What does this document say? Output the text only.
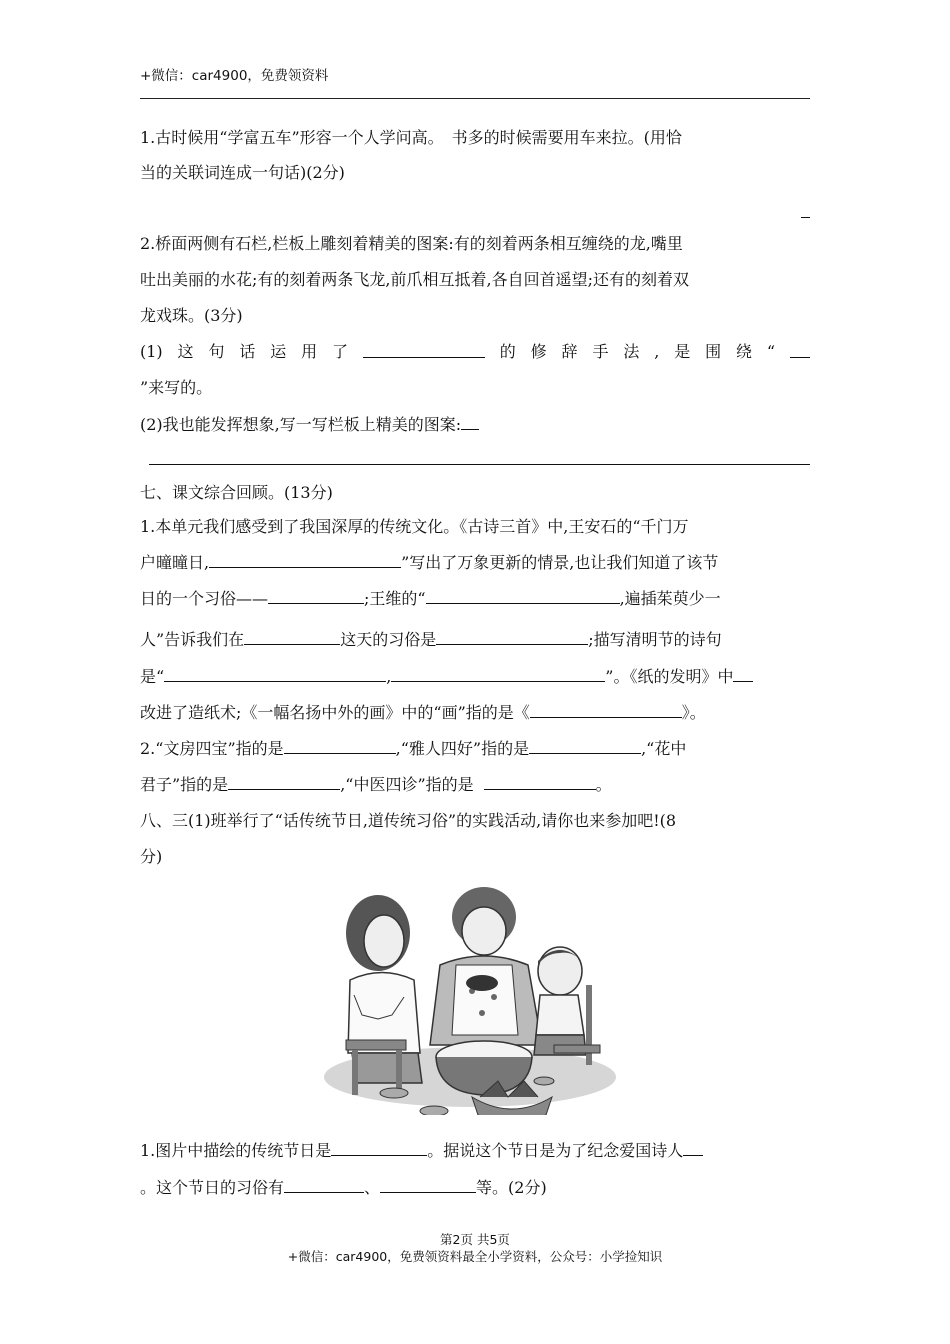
+微信：car4900，免费领资料
1.古时候用“学富五车”形容一个人学问高。　书多的时候需要用车来拉。(用恰
当的关联词连成一句话)(2分)
2.桥面两侧有石栏,栏板上雕刻着精美的图案:有的刻着两条相互缠绕的龙,嘴里
吐出美丽的水花;有的刻着两条飞龙,前爪相互抵着,各自回首遥望;还有的刻着双
龙戏珠。(3分)
(1) 这 句 话 运 用 了	的 修 辞 手 法 , 是 围 绕 “
”来写的。
(2)我也能发挥想象,写一写栏板上精美的图案:
七、课文综合回顾。(13分)
1.本单元我们感受到了我国深厚的传统文化。《古诗三首》中,王安石的“千门万
户曈曈日,	”写出了万象更新的情景,也让我们知道了该节
日的一个习俗——	;王维的“	,遍插茱萸少一
人”告诉我们在	这天的习俗是	;描写清明节的诗句
是“	,	”。《纸的发明》中
改进了造纸术;《一幅名扬中外的画》中的“画”指的是《	》。
2.“文房四宝”指的是	,“雅人四好”指的是	,“花中
君子”指的是	,“中医四诊”指的是	。
八、三(1)班举行了“话传统节日,道传统习俗”的实践活动,请你也来参加吧!(8
分)
1.图片中描绘的传统节日是	。据说这个节日是为了纪念爱国诗人
。这个节日的习俗有	、	等。(2分)
第2页 共5页
+微信：car4900，免费领资料最全小学资料，公众号：小学捡知识
